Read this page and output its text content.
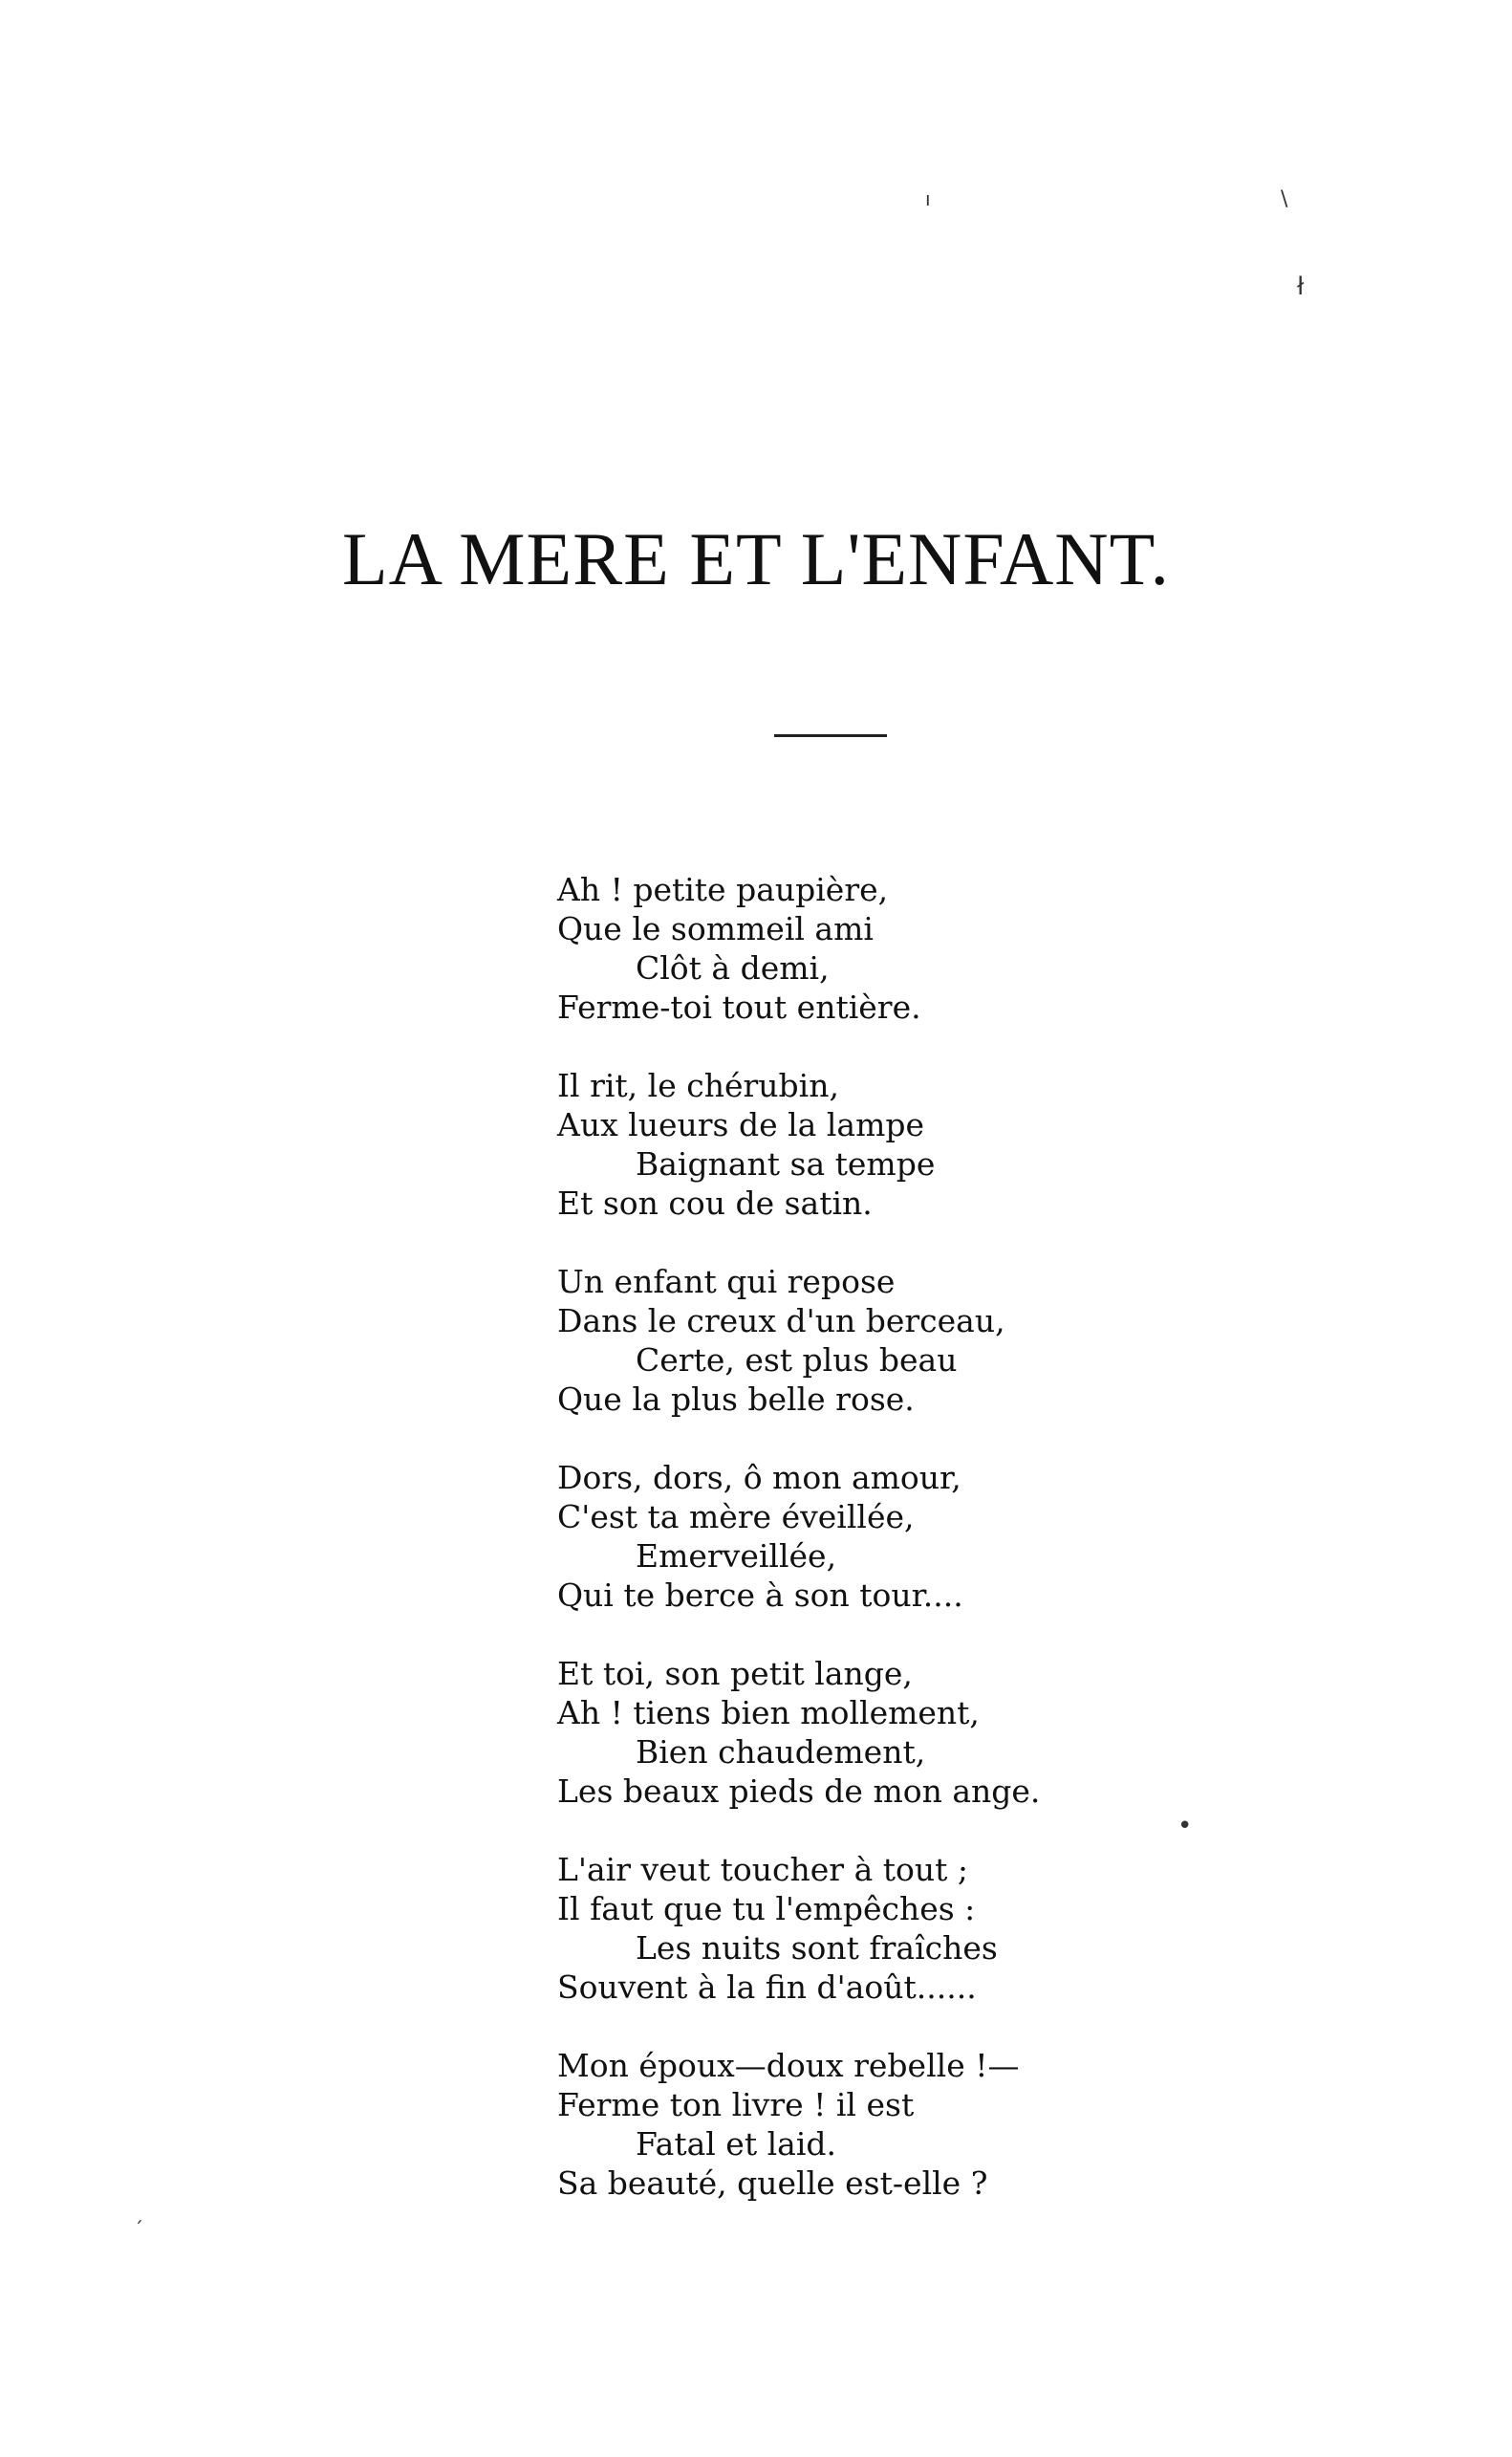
\
ł
ı
•
ˏ
LA MERE ET L'ENFANT.
Ah ! petite paupière,
Que le sommeil ami
Clôt à demi,
Ferme-toi tout entière.
Il rit, le chérubin,
Aux lueurs de la lampe
Baignant sa tempe
Et son cou de satin.
Un enfant qui repose
Dans le creux d'un berceau,
Certe, est plus beau
Que la plus belle rose.
Dors, dors, ô mon amour,
C'est ta mère éveillée,
Emerveillée,
Qui te berce à son tour....
Et toi, son petit lange,
Ah ! tiens bien mollement,
Bien chaudement,
Les beaux pieds de mon ange.
L'air veut toucher à tout ;
Il faut que tu l'empêches :
Les nuits sont fraîches
Souvent à la fin d'août......
Mon époux—doux rebelle !—
Ferme ton livre ! il est
Fatal et laid.
Sa beauté, quelle est-elle ?
